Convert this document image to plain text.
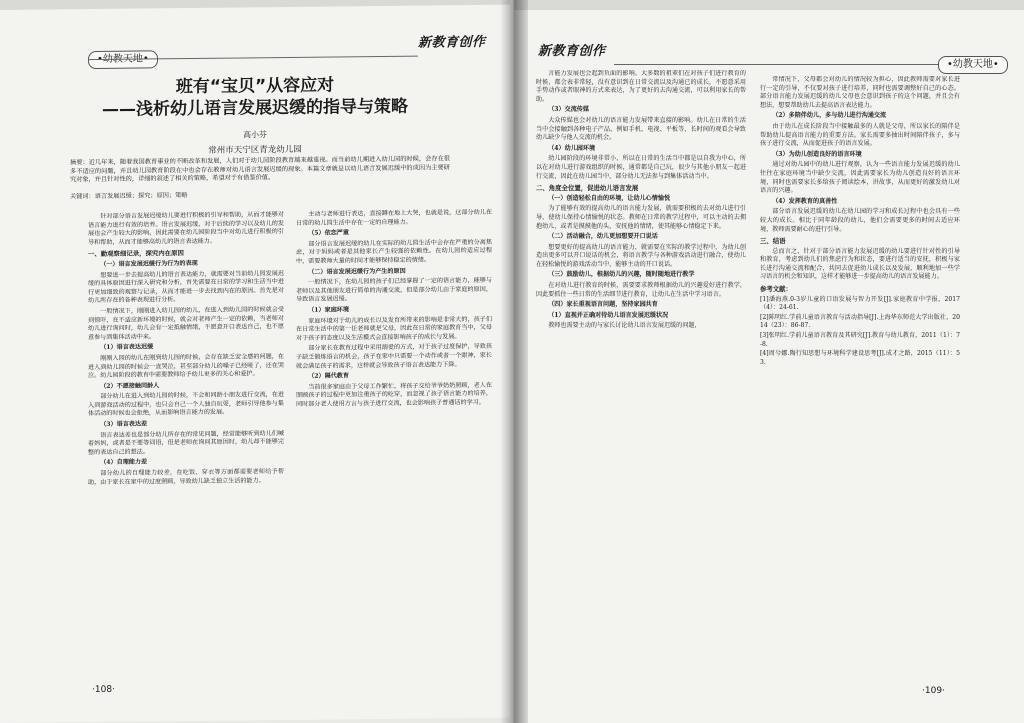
新教育创作
班有“宝贝”从容应对
——浅析幼儿语言发展迟缓的指导与策略
高小芬
常州市天宁区青龙幼儿园
摘要：近几年来，随着我国教育事业的不断改革和发展，人们对于幼儿园阶段教育越来越重视。而当前幼儿期进入幼儿园的时候，会存在很多不适应的问题，并且幼儿园教育阶段在中也会存在教师对幼儿语言发展迟缓的现象。本篇文章就是以幼儿语言发展迟缓中的成因为主要研究对象，并且针对性的，详细的叙述了相关的策略，希望对于有借鉴价值。
关键词：语言发展迟缓；探究；原因；策略

针对部分语言发展迟缓幼儿要进行积极的引导和帮助，从而才能够对语言能力进行有效的培养。语言发展迟缓，对于后续的学习以及幼儿的发展也会产生较大的影响，因此需要在幼儿园阶段当中对幼儿进行积极的引导和帮助，从而才能够高幼儿的语言表达能力。

一、勤观察细记录，探究内在原因

（一）语言发展迟缓行为行为的表现

想要进一步去提高幼儿的语言表达能力，就需要对当前幼儿园发展迟缓的具体原因进行深入研究和分析，首先需要在日常的学习和生活当中进行更加细致的观察与记录，从而才能进一步去找到内在的原因。首先是对幼儿所存在的各种表现进行分析。

一般情况下，刚刚进入幼儿园的幼儿，在进入到幼儿园的时候就会受到惊吓，在不适应新环境的时候，就会对老师产生一定的依赖，当老师对幼儿进行询问时，幼儿会有一定抵触情绪，不愿意开口表达自己，也不愿意参与到集体活动中来。

（1）语言表达迟缓

刚刚入园的幼儿在刚到幼儿园的时候，会存在缺乏安全感的问题，在进入到幼儿园的时候会一直哭泣，甚至部分幼儿的嗓子已经哑了，还在哭泣。幼儿园阶段的教育中需要教师给予幼儿更多的关心和爱护。

（2）不愿接触同龄人

部分幼儿在进入到幼儿园的时候，不会和同龄小朋友进行交流，在进入到游戏活动的过程中，也只会自己一个人独自玩耍，老师引导他参与集体活动的时候也会拒绝，从而影响语言能力的发展。

（3）语言表达差

语言表达差也是部分幼儿所存在的常见问题，经常能够听到幼儿们喊着妈妈，或者是不要等词语，但是老师在询问其原因时，幼儿却不能够完整的表达自己的想法。

（4）自理能力差

部分幼儿的自理能力较差，在吃饭、穿衣等方面都需要老师给予帮助，由于家长在家中的过度照顾，导致幼儿缺乏独立生活的能力。

主动与老师进行表达，直接蹲在地上大哭，也就是说，这部分幼儿在日常的幼儿园生活中存在一定的自理能力。

（5）依恋严重

部分语言发展迟缓的幼儿在实际的幼儿园生活中会存在严重的分离焦虑，对于妈妈或者是其他家长产生较强的依赖性。在幼儿园的适应过程中，需要教师大量的时间才能够保持稳定的情绪。

（二）语言发展迟缓行为产生的原因

一般情况下，在幼儿园的孩子们已经掌握了一定的语言能力，能够与老师以及其他朋友进行简单的沟通交流，但是部分幼儿由于家庭的原因，导致语言发展迟缓。

（1）家庭环境

家庭环境对于幼儿的成长以及发育所带来的影响是非常大的，孩子们在日常生活中的第一任老师就是父母，因此在日常的家庭教育当中，父母对于孩子的态度以及生活模式会直接影响孩子的成长与发展。

部分家长在教育过程中采用溺爱的方式，对于孩子过度保护，导致孩子缺乏锻炼语言的机会，孩子在家中只需要一个动作或者一个眼神，家长就会满足孩子的需求，这样就会导致孩子语言表达能力下降。

（2）隔代教育

当前很多家庭由于父母工作繁忙，将孩子交给爷爷奶奶照顾，老人在照顾孩子的过程中更加注重孩子的吃穿，而忽视了孩子语言能力的培养，同时部分老人使用方言与孩子进行交流，也会影响孩子普通话的学习。

·108·
新教育创作
•幼教天地•

言能力发展也会起到负面的影响。大多数的祖辈们在对孩子们进行教育的时候，都会表非常轻，没有意识到在日常交流以及沟通已的成长，不愿意采用手势动作或者眼神的方式来表达，为了更好的去沟通交流，可以利用家长的帮助。

（3）交流传媒

大众传媒也会对幼儿的语言能力发展带来直接的影响。幼儿在日常的生活当中会接触到各种电子产品，例如手机、电视、平板等，长时间的观看会导致幼儿缺少与他人交流的机会。

（4）幼儿园环境

幼儿园阶段的环境非常小，所以在日常的生活当中都是以自我为中心，所以在对幼儿进行游戏组织的时候，通常都是自己玩，很少与其他小朋友一起进行交流，因此在幼儿园当中，部分幼儿无法参与到集体活动当中。

二、角度全位置，促进幼儿语言发展

（一）创造轻松自由的环境，让幼儿心情愉悦

为了能够有效的提高幼儿的语言能力发展，就需要积极的去对幼儿进行引导，使幼儿保持心情愉悦的状态。教师在日常的教学过程中，可以主动的去拥抱幼儿，或者是摸摸他的头，安抚他的情绪，使其能够心情稳定下来。

（二）活动融合，幼儿更加想要开口说话

想要更好的提高幼儿的语言能力，就需要在实际的教学过程中，为幼儿创造出更多可以开口说话的机会，将语言教学与各种游戏活动进行融合，使幼儿在轻松愉悦的游戏活动当中，能够主动的开口说话。

（三）鼓励幼儿，根据幼儿的兴趣，随时随地进行教学

在对幼儿进行教育的时候，需要要求教师根据幼儿的兴趣爱好进行教学，因此要抓住一些日常的生活细节进行教育，让幼儿在生活中学习语言。

（四）家长重视语言问题，坚持家园共育

（1）直视并正确对待幼儿语言发展迟缓状况

教师也需要主动的与家长讨论幼儿语言发展迟缓的问题，

常情况下，父母都会对幼儿的情况较为担心，因此教师需要对家长进行一定的引导，不仅要对孩子进行培养，同时也需要调整好自己的心态。部分语言能力发展迟缓的幼儿父母也会意识到孩子的这个问题，并且会有想法，想要帮助幼儿去提高语言表达能力。

（2）多陪伴幼儿，多与幼儿进行沟通交流

由于幼儿在成长阶段当中接触最多的人就是父母，所以家长的陪伴是帮助幼儿提高语言能力的重要方法。家长需要多抽出时间陪伴孩子，多与孩子进行交流，从而促进孩子的语言发展。

（3）为幼儿创造良好的语言环境

通过对幼儿园中的幼儿进行观察，认为一些语言能力发展迟缓的幼儿往往在家庭环境当中缺少交流，因此需要家长为幼儿创造良好的语言环境，同时也需要家长多给孩子阅读绘本，讲故事，从而更好的激发幼儿对语言的兴趣。

（4）发挥教育的真善性

部分语言发展迟缓的幼儿在幼儿园的学习和成长过程中也会具有一些较大的成长。相比于同年龄段的幼儿，他们会需要更多的时间去适应环境，教师需要耐心的进行引导。

三、结语

总而言之，针对于部分语言能力发展迟缓的幼儿要进行针对性的引导和教育，考虑到幼儿们的焦虑行为和状态，要进行适当的安抚，积极与家长进行沟通交流和配合，共同去促进幼儿成长以及发展，顺利地加一些学习语言的机会和知识，这样才能够进一步提高幼儿的语言发展能力。

参考文献：

[1]潘海燕.0-3岁儿童的口语发展与智力开发[J].家庭教育中学报，2017（4）：24-61.

[2]陈明红.学前儿童语言教育与活动指导[J].上海华东师范大学出版社，2014（23）：86-87.

[3]张明红.学前儿童语言教育及其研究[J].教育与幼儿教育，2011（1）：7-8.

[4]周兮娜.陶行知思想与环境科学建设思考[J].成才之路，2015（11）：53.

·109·
